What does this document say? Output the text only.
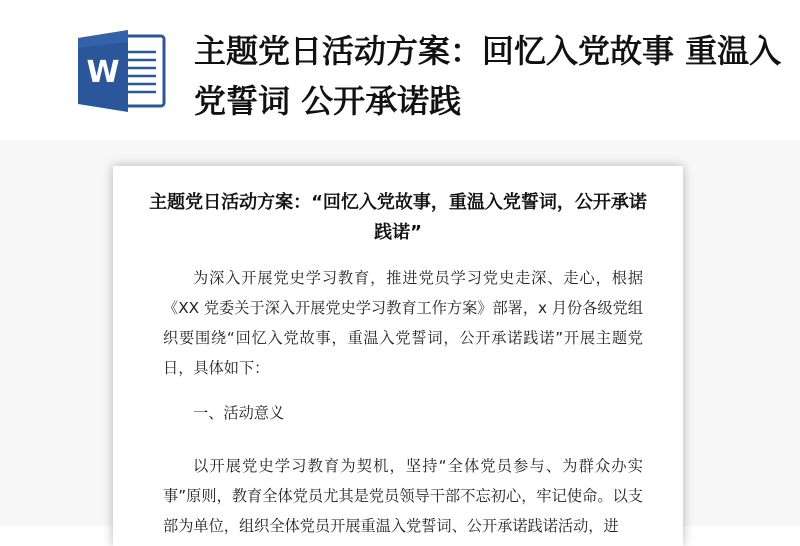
W
主题党日活动方案：回忆入党故事 重温入党誓词 公开承诺践
主题党日活动方案：“回忆入党故事，重温入党誓词，公开承诺践诺”

为深入开展党史学习教育，推进党员学习党史走深、走心，根据《XX 党委关于深入开展党史学习教育工作方案》部署，x 月份各级党组织要围绕“回忆入党故事，重温入党誓词，公开承诺践诺”开展主题党日，具体如下：

一、活动意义

以开展党史学习教育为契机，坚持“全体党员参与、为群众办实事”原则，教育全体党员尤其是党员领导干部不忘初心，牢记使命。以支部为单位，组织全体党员开展重温入党誓词、公开承诺践诺活动，进
